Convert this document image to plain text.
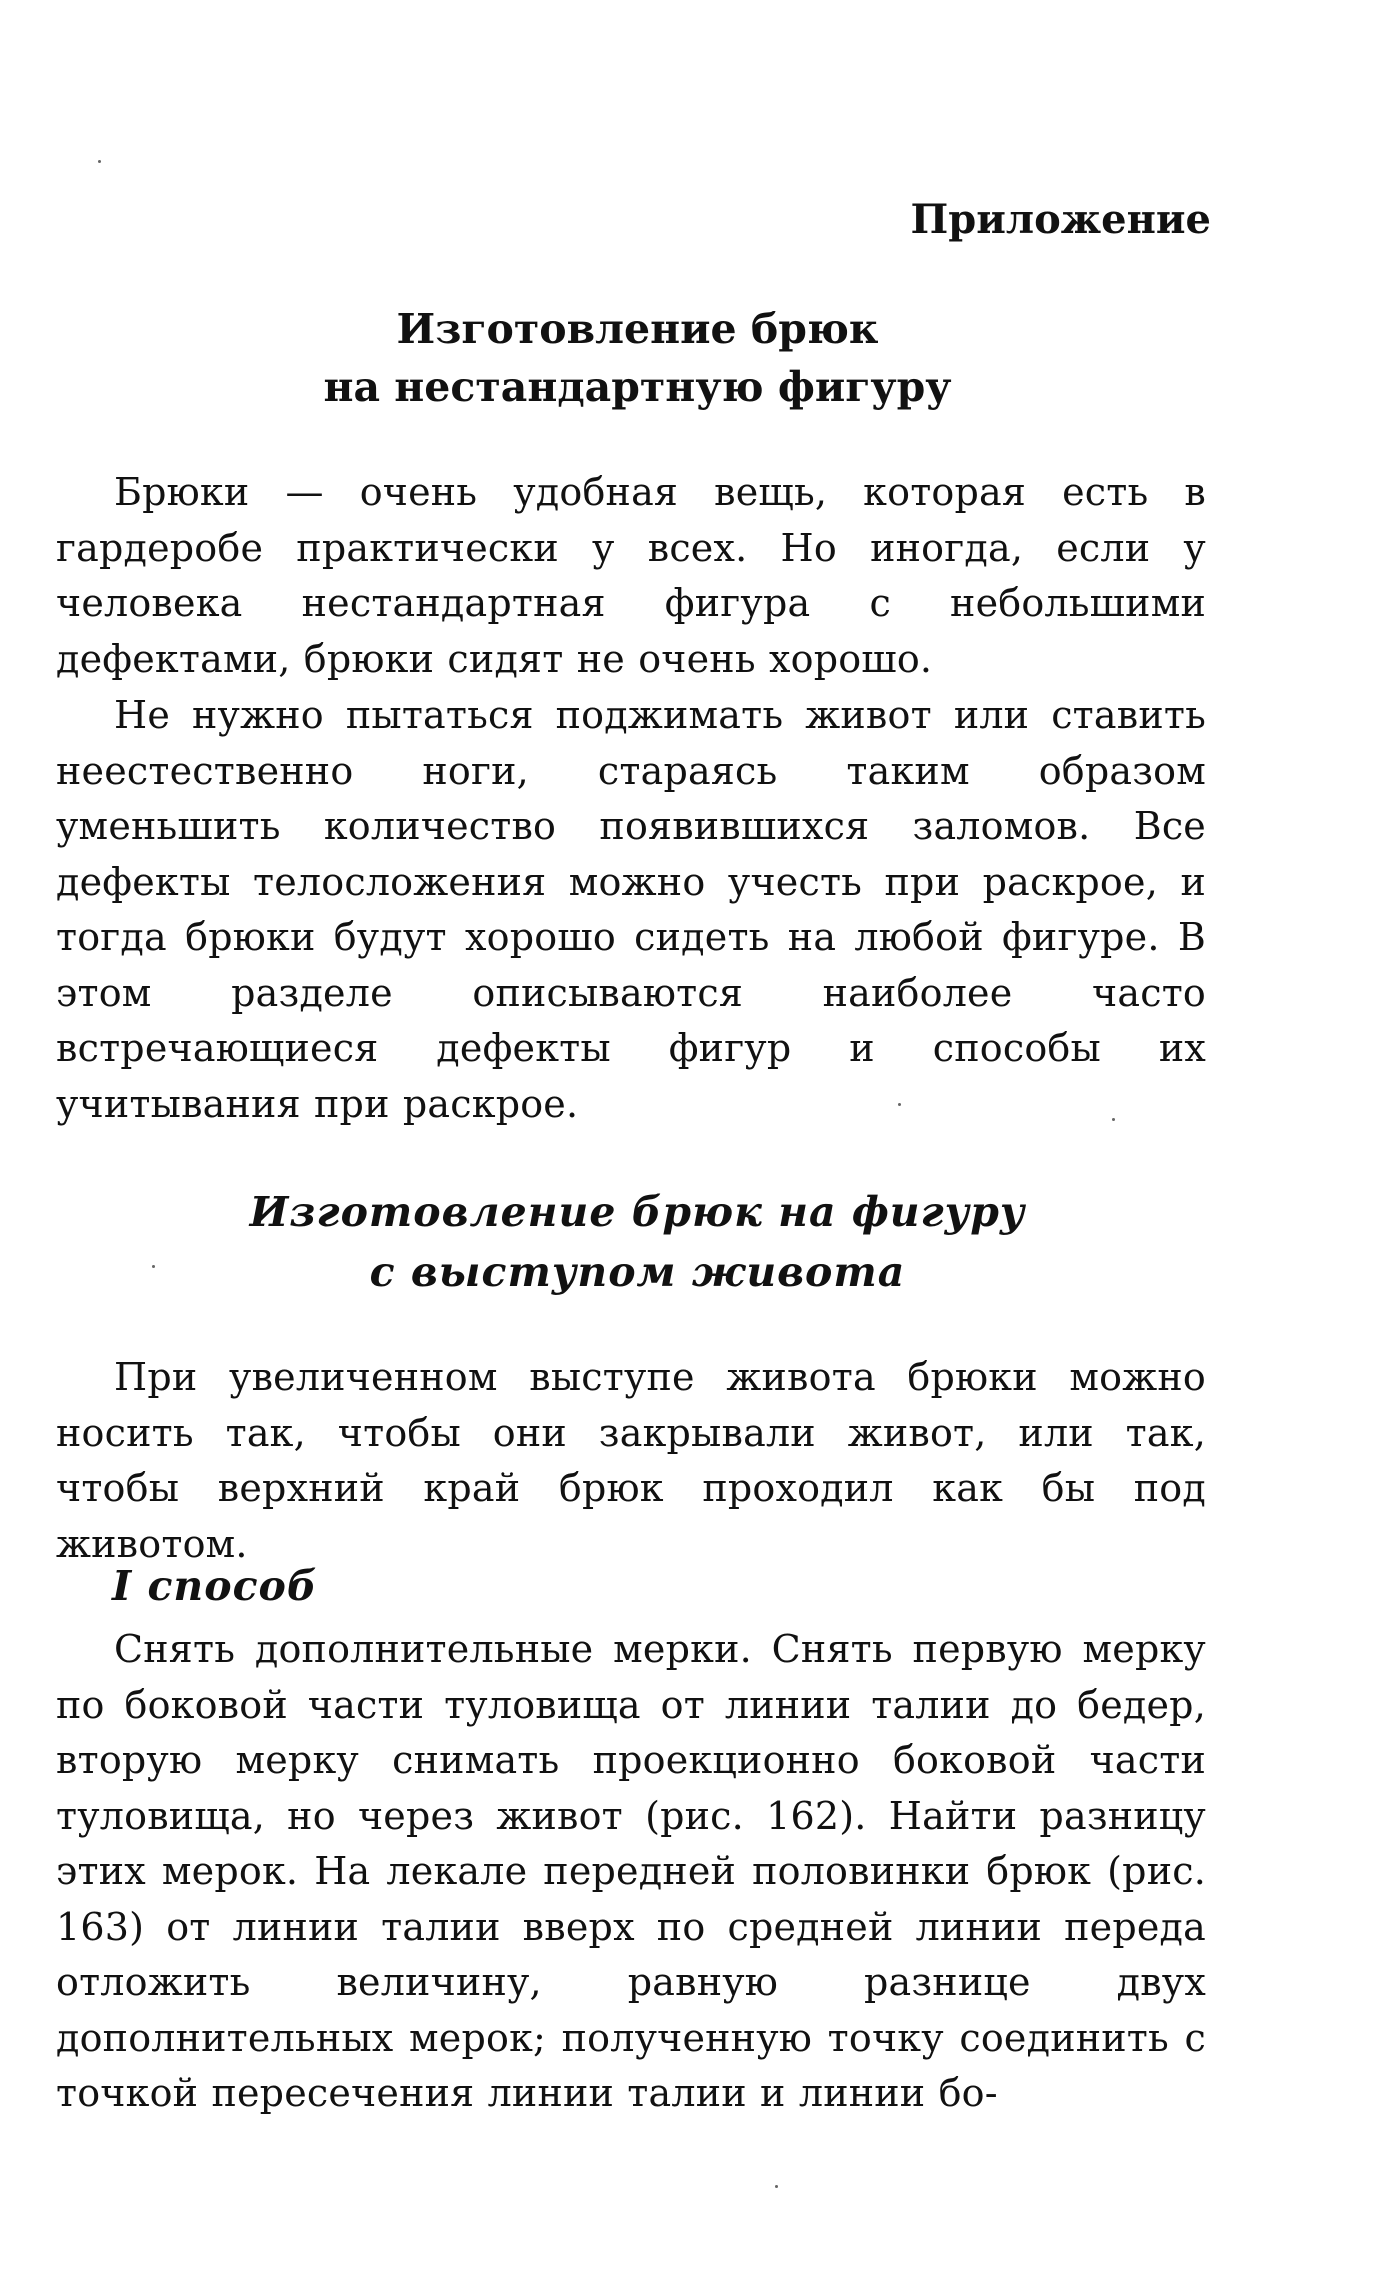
Приложение

Изготовление брюк
на нестандартную фигуру

Брюки — очень удобная вещь, которая есть в гардеробе практически у всех. Но иногда, если у человека нестандартная фигура с небольшими дефектами, брюки сидят не очень хорошо.

Не нужно пытаться поджимать живот или ставить неестественно ноги, стараясь таким образом уменьшить количество появившихся заломов. Все дефекты телосложения можно учесть при раскрое, и тогда брюки будут хорошо сидеть на любой фигуре. В этом разделе описываются наиболее часто встречающиеся дефекты фигур и способы их учитывания при раскрое.

Изготовление брюк на фигуру
с выступом живота

При увеличенном выступе живота брюки можно носить так, чтобы они закрывали живот, или так, чтобы верхний край брюк проходил как бы под животом.

I способ

Снять дополнительные мерки. Снять первую мерку по боковой части туловища от линии талии до бедер, вторую мерку снимать проекционно боковой части туловища, но через живот (рис. 162). Найти разницу этих мерок. На лекале передней половинки брюк (рис. 163) от линии талии вверх по средней линии переда отложить величину, равную разнице двух дополнительных мерок; полученную точку соединить с точкой пересечения линии талии и линии бо-
